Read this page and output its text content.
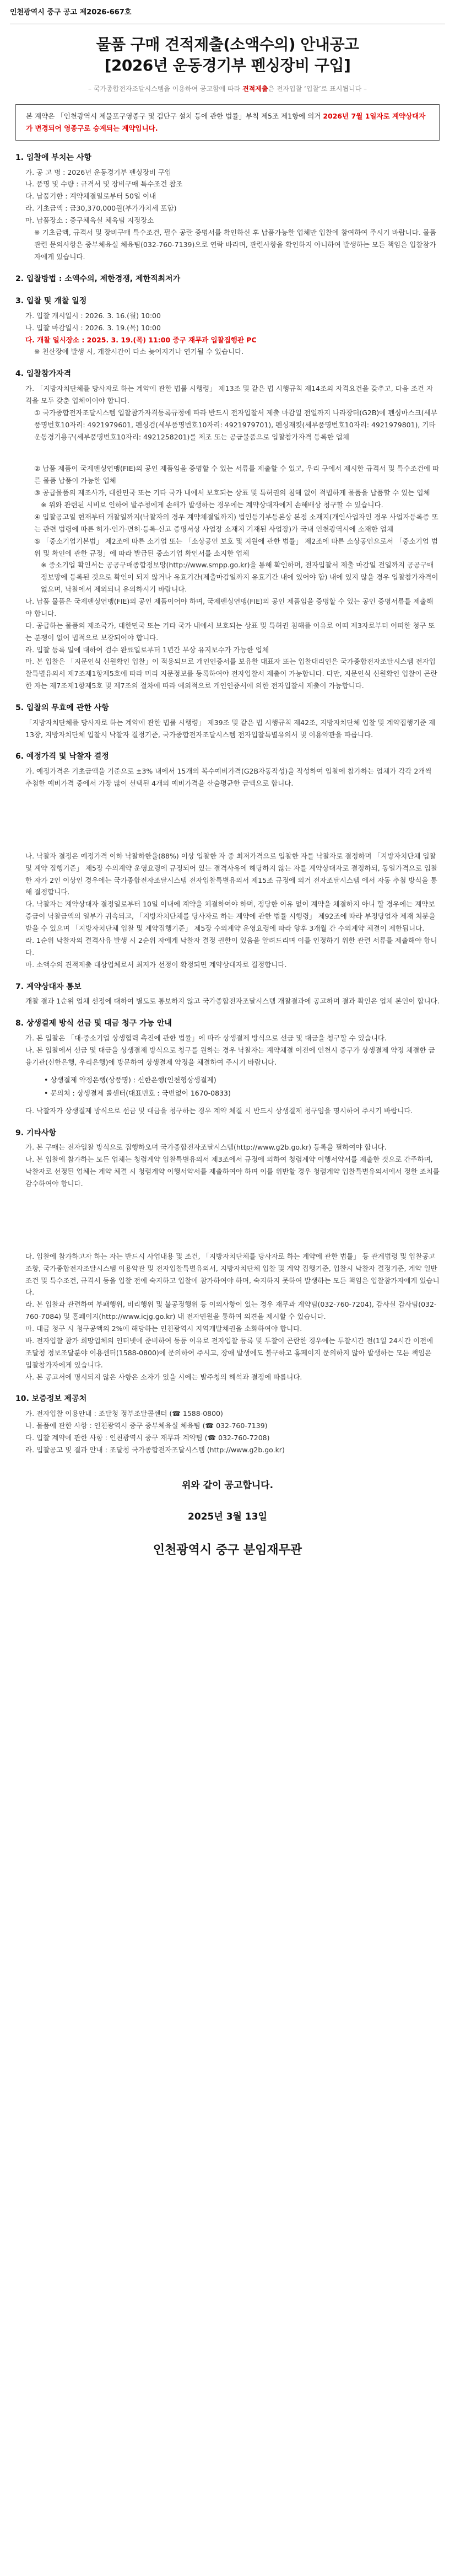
인천광역시 중구 공고 제2026-667호
물품 구매 견적제출(소액수의) 안내공고
[2026년 운동경기부 펜싱장비 구입]
– 국가종합전자조달시스템을 이용하여 공고함에 따라 견적제출은 전자입찰 ‘입찰’로 표시됩니다 –
본 계약은 「인천광역시 제물포구영종구 및 검단구 설치 등에 관한 법률」부칙 제5조 제1항에 의거 2026년 7월 1일자로 계약상대자가 변경되어 영종구로 승계되는 계약입니다.
1. 입찰에 부치는 사항
가. 공 고 명 : 2026년 운동경기부 펜싱장비 구입
나. 품명 및 수량 : 규격서 및 장비구매 특수조건 참조
다. 납품기한 : 계약체결일로부터 50일 이내
라. 기초금액 : 금30,370,000원(부가가치세 포함)
마. 납품장소 : 중구체육실 체육팀 지정장소
※ 기초금액, 규격서 및 장비구매 특수조건, 필수 공란 증명서를 확인하신 후 납품가능한 업체만 입찰에 참여하여 주시기 바랍니다. 물품 관련 문의사항은 중부체육실 체육팀(032-760-7139)으로 연락 바라며, 관련사항을 확인하지 아니하여 발생하는 모든 책임은 입찰참가자에게 있습니다.
2. 입찰방법 : 소액수의, 제한경쟁, 제한적최저가
3. 입찰 및 개찰 일정
가. 입찰 개시일시 : 2026. 3. 16.(월) 10:00
나. 입찰 마감일시 : 2026. 3. 19.(목) 10:00
다. 개찰 일시장소 : 2025. 3. 19.(목) 11:00 중구 재무과 입찰집행관 PC
※ 천산장애 발생 시, 개찰시간이 다소 늦어지거나 연기될 수 있습니다.
4. 입찰참가자격
가. 「지방자치단체를 당사자로 하는 계약에 관한 법률 시행령」 제13조 및 같은 법 시행규칙 제14조의 자격요건을 갖추고, 다음 조건 자격을 모두 갖춘 업체이어야 합니다.
① 국가종합전자조달시스템 입찰참가자격등록규정에 따라 반드시 전자입찰서 제출 마감일 전일까지 나라장터(G2B)에 펜싱마스크(세부품명번호10자리: 4921979601, 펜싱검(세부품명번호10자리: 4921979701), 펜싱재킷(세부품명번호10자리: 4921979801), 기타운동경기용구(세부품명번호10자리: 4921258201)를 제조 또는 공급물품으로 입찰참가자격 등록한 업체
② 납품 제품이 국제펜싱연맹(FIE)의 공인 제품임을 증명할 수 있는 서류를 제출할 수 있고, 우리 구에서 제시한 규격서 및 특수조건에 따른 물품 납품이 가능한 업체
③ 공급물품의 제조사가, 대한민국 또는 기타 국가 내에서 보호되는 상표 및 특허권의 침해 없이 적법하게 물품을 납품할 수 있는 업체
※ 위와 관련된 시비로 인하여 발주청에게 손해가 발생하는 경우에는 계약상대자에게 손해배상 청구할 수 있습니다.
④ 입찰공고일 현재부터 개찰일까지(낙찰자의 경우 계약체결일까지) 법인등기부등본상 본점 소재지(개인사업자인 경우 사업자등록증 또는 관련 법령에 따른 허가·인가·면허·등록·신고 증명서상 사업장 소재지 기재된 사업장)가 국내 인천광역시에 소재한 업체
⑤ 「중소기업기본법」 제2조에 따른 소기업 또는 「소상공인 보호 및 지원에 관한 법률」 제2조에 따른 소상공인으로서 「중소기업 범위 및 확인에 관한 규정」에 따라 발급된 중소기업 확인서를 소지한 업체
※ 중소기업 확인서는 공공구매종합정보망(http://www.smpp.go.kr)을 통해 확인하며, 전자입찰서 제출 마감일 전일까지 공공구매정보망에 등록된 것으로 확인이 되지 않거나 유효기간(제출마감일까지 유효기간 내에 있어야 함) 내에 있지 않을 경우 입찰참가자격이 없으며, 낙찰에서 제외되니 유의하시기 바랍니다.
나. 납품 물품은 국제펜싱연맹(FIE)의 공인 제품이어야 하며, 국제펜싱연맹(FIE)의 공인 제품임을 증명할 수 있는 공인 증명서류를 제출해야 합니다.
다. 공급하는 물품의 제조국가, 대한민국 또는 기타 국가 내에서 보호되는 상표 및 특허권 침해를 이유로 어떠 제3자로부터 어떠한 청구 또는 분쟁이 없어 법적으로 보장되어야 합니다.
라. 입찰 등록 일에 대하여 검수 완료일로부터 1년간 무상 유지보수가 가능한 업체
마. 본 입찰은 「지문인식 신원확인 입찰」이 적용되므로 개인인증서를 보유한 대표자 또는 입찰대리인은 국가종합전자조달시스템 전자입찰특별유의서 제7조제1항제5호에 따라 미리 지문정보를 등록하여야 전자입찰서 제출이 가능합니다. 다만, 지문인식 신원확인 입찰이 곤란한 자는 제7조제1항제5호 및 제7조의 절차에 따라 예외적으로 개인인증서에 의한 전자입찰서 제출이 가능합니다.
5. 입찰의 무효에 관한 사항
「지방자치단체를 당사자로 하는 계약에 관한 법률 시행령」 제39조 및 같은 법 시행규칙 제42조, 지방자치단체 입찰 및 계약집행기준 제13장, 지방자치단체 입찰시 낙찰자 결정기준, 국가종합전자조달시스템 전자입찰특별유의서 및 이용약관을 따릅니다.
6. 예정가격 및 낙찰자 결정
가. 예정가격은 기초금액을 기준으로 ±3% 내에서 15개의 복수예비가격(G2B자동작성)을 작성하여 입찰에 참가하는 업체가 각각 2개씩 추첨한 예비가격 중에서 가장 많이 선택된 4개의 예비가격을 산술평균한 금액으로 합니다.
나. 낙찰자 결정은 예정가격 이하 낙찰하한율(88%) 이상 입찰한 자 중 최저가격으로 입찰한 자를 낙찰자로 결정하며 「지방자치단체 입찰 및 계약 집행기준」 제5장 수의계약 운영요령에 규정되어 있는 결격사유에 해당하지 않는 자를 계약상대자로 결정하되, 동일가격으로 입찰한 자가 2인 이상인 경우에는 국가종합전자조달시스템 전자입찰특별유의서 제15조 규정에 의거 전자조달시스템 에서 자동 추첨 방식을 통해 결정합니다.
다. 낙찰자는 계약상대자 결정일로부터 10일 이내에 계약을 체결하여야 하며, 정당한 이유 없이 계약을 체결하지 아니 할 경우에는 계약보증금이 낙찰금액의 일부가 귀속되고, 「지방자치단체를 당사자로 하는 계약에 관한 법률 시행령」 제92조에 따라 부정당업자 제재 처분을 받을 수 있으며 「지방자치단체 입찰 및 계약집행기준」 제5장 수의계약 운영요령에 따라 향후 3개월 간 수의계약 체결이 제한됩니다.
라. 1순위 낙찰자의 결격사유 발생 시 2순위 자에게 낙찰자 결정 권한이 있음을 알려드리며 이를 인정하기 위한 관련 서류를 제출해야 합니다.
마. 소액수의 견적제출 대상업체로서 최저가 선정이 확정되면 계약상대자로 결정합니다.
7. 계약상대자 통보
개찰 결과 1순위 업체 선정에 대하여 별도로 통보하지 않고 국가종합전자조달시스템 개찰결과에 공고하며 결과 확인은 업체 본인이 합니다.
8. 상생결제 방식 선금 및 대금 청구 가능 안내
가. 본 입찰은 「대·중소기업 상생협력 촉진에 관한 법률」에 따라 상생결제 방식으로 선금 및 대금을 청구할 수 있습니다.
나. 본 입찰에서 선금 및 대금을 상생결제 방식으로 청구를 원하는 경우 낙찰자는 계약체결 이전에 인천시 중구가 상생결제 약정 체결한 금융기관(신한은행, 우리은행)에 방문하여 상생결제 약정을 체결하여 주시기 바랍니다.
• 상생결제 약정은행(상품명) : 신한은행(인천형상생결제)
• 문의처 : 상생결제 콜센터(대표번호 : 국번없이 1670-0833)
다. 낙찰자가 상생결제 방식으로 선금 및 대금을 청구하는 경우 계약 체결 시 반드시 상생결제 청구임을 명시하여 주시기 바랍니다.
9. 기타사항
가. 본 구매는 전자입찰 방식으로 집행하오며 국가종합전자조달시스템(http://www.g2b.go.kr) 등록을 필하여야 합니다.
나. 본 입찰에 참가하는 모든 업체는 청렴계약 입찰특별유의서 제3조에서 규정에 의하여 청렴계약 이행서약서를 제출한 것으로 간주하며, 낙찰자로 선정된 업체는 계약 체결 시 청렴계약 이행서약서를 제출하여야 하며 이를 위반할 경우 청렴계약 입찰특별유의서에서 정한 조치를 감수하여야 합니다.
다. 입찰에 참가하고자 하는 자는 반드시 사업내용 및 조건, 「지방자치단체를 당사자로 하는 계약에 관한 법률」 등 관계법령 및 입찰공고 조항, 국가종합전자조달시스템 이용약관 및 전자입찰특별유의서, 지방자치단체 입찰 및 계약 집행기준, 입찰시 낙찰자 결정기준, 계약 일반조건 및 특수조건, 규격서 등을 입찰 전에 숙지하고 입찰에 참가하여야 하며, 숙지하지 못하여 발생하는 모든 책임은 입찰참가자에게 있습니다.
라. 본 입찰과 관련하여 부패행위, 비리행위 및 불공정행위 등 이의사항이 있는 경우 재무과 계약팀(032-760-7204), 감사실 감사팀(032-760-7084) 및 홈페이지(http://www.icjg.go.kr) 내 전자민원을 통하여 의견을 제시할 수 있습니다.
마. 대금 청구 시 청구공액의 2%에 해당하는 인천광역시 지역개발채권을 소화하여야 합니다.
바. 전자입찰 참가 희망업체의 인터넷에 준비하여 등등 이유로 전자입찰 등록 및 투찰이 곤란한 경우에는 투찰시간 전(1일 24시간 이전에 조달청 정보조달분야 이용센터(1588-0800)에 문의하여 주시고, 장애 발생에도 불구하고 홈페이지 문의하지 않아 발생하는 모든 책임은 입찰참가자에게 있습니다.
사. 본 공고서에 명시되지 않은 사항은 소자가 있을 시에는 발주청의 해석과 결정에 따릅니다.
10. 보증정보 제공처
가. 전자입찰 이용안내 : 조달청 정부조달콜센터 (☎ 1588-0800)
나. 물품에 관한 사항 : 인천광역시 중구 중부체육실 체육팀 (☎ 032-760-7139)
다. 입찰 계약에 관한 사항 : 인천광역시 중구 재무과 계약팀 (☎ 032-760-7208)
라. 입찰공고 및 결과 안내 : 조달청 국가종합전자조달시스템 (http://www.g2b.go.kr)
위와 같이 공고합니다.
2025년 3월 13일
인천광역시 중구 분임재무관
